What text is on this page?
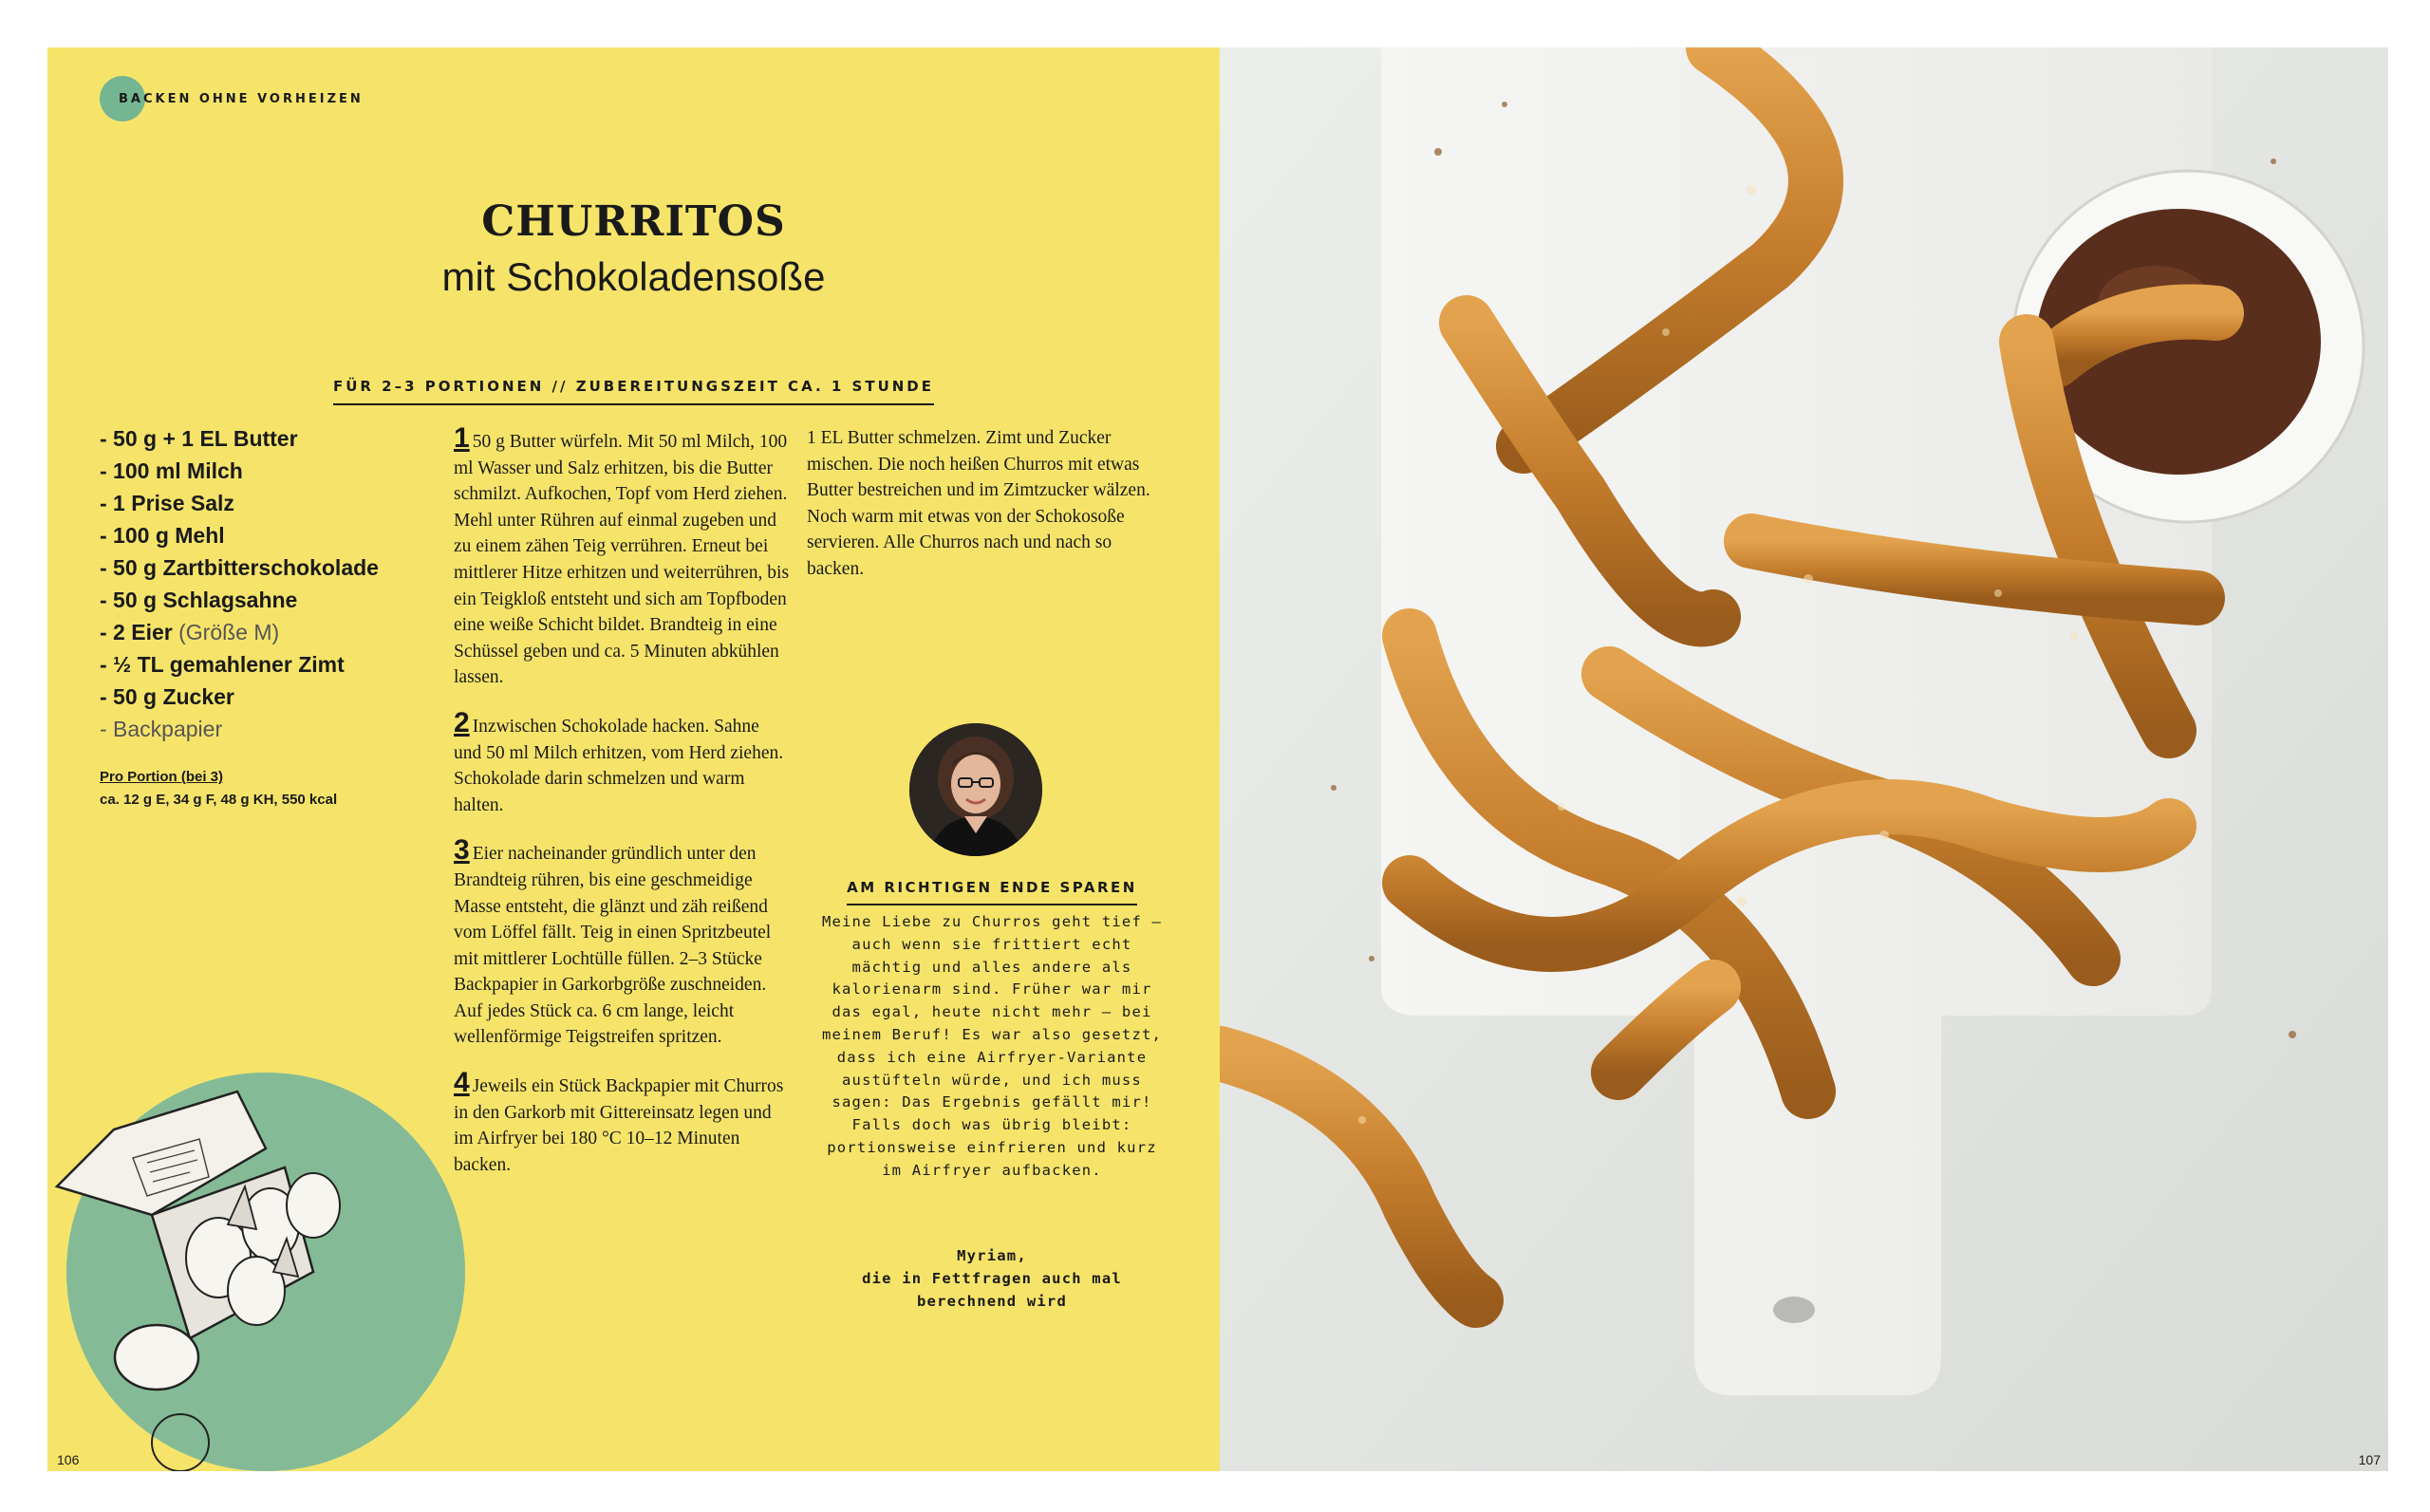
BACKEN OHNE VORHEIZEN
CHURRITOS
mit Schokoladensoße
FÜR 2–3 PORTIONEN // ZUBEREITUNGSZEIT CA. 1 STUNDE
- 50 g + 1 EL Butter
- 100 ml Milch
- 1 Prise Salz
- 100 g Mehl
- 50 g Zartbitterschokolade
- 50 g Schlagsahne
- 2 Eier (Größe M)
- ½ TL gemahlener Zimt
- 50 g Zucker
- Backpapier
Pro Portion (bei 3)
ca. 12 g E, 34 g F, 48 g KH, 550 kcal
1 50 g Butter würfeln. Mit 50 ml Milch, 100 ml Wasser und Salz erhitzen, bis die Butter schmilzt. Aufkochen, Topf vom Herd ziehen. Mehl unter Rühren auf einmal zugeben und zu einem zähen Teig verrühren. Erneut bei mittlerer Hitze erhitzen und weiterrühren, bis ein Teigkloß entsteht und sich am Topfboden eine weiße Schicht bildet. Brandteig in eine Schüssel geben und ca. 5 Minuten abkühlen lassen.
2 Inzwischen Schokolade hacken. Sahne und 50 ml Milch erhitzen, vom Herd ziehen. Schokolade darin schmelzen und warm halten.
3 Eier nacheinander gründlich unter den Brandteig rühren, bis eine geschmeidige Masse entsteht, die glänzt und zäh reißend vom Löffel fällt. Teig in einen Spritzbeutel mit mittlerer Lochtülle füllen. 2–3 Stücke Backpapier in Garkorbgröße zuschneiden. Auf jedes Stück ca. 6 cm lange, leicht wellenförmige Teigstreifen spritzen.
4 Jeweils ein Stück Backpapier mit Churros in den Garkorb mit Gittereinsatz legen und im Airfryer bei 180 °C 10–12 Minuten backen.
1 EL Butter schmelzen. Zimt und Zucker mischen. Die noch heißen Churros mit etwas Butter bestreichen und im Zimtzucker wälzen. Noch warm mit etwas von der Schokosoße servieren. Alle Churros nach und nach so backen.
AM RICHTIGEN ENDE SPAREN
Meine Liebe zu Churros geht tief – auch wenn sie frittiert echt mächtig und alles andere als kalorienarm sind. Früher war mir das egal, heute nicht mehr – bei meinem Beruf! Es war also gesetzt, dass ich eine Airfryer-Variante austüfteln würde, und ich muss sagen: Das Ergebnis gefällt mir! Falls doch was übrig bleibt: portionsweise einfrieren und kurz im Airfryer aufbacken.
Myriam,
die in Fettfragen auch mal berechnend wird
106	107
